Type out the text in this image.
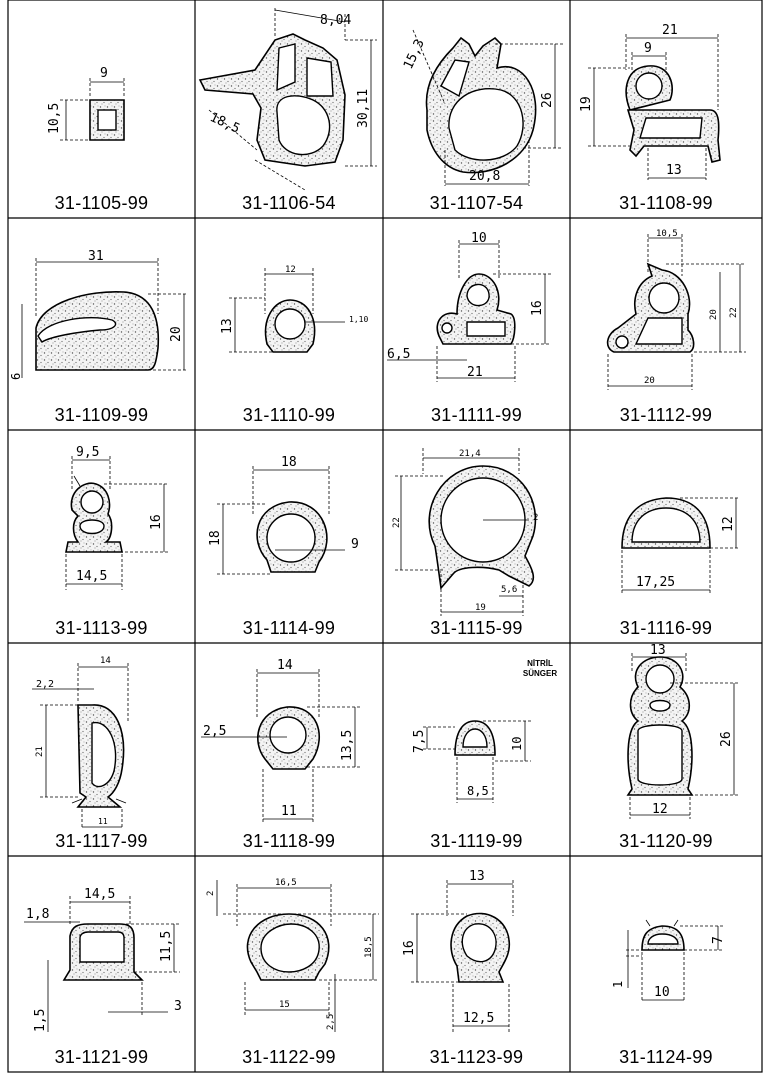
9
10,5
31-1105-99
8,04
30,11
18,5
31-1106-54
15,3
26
20,8
31-1107-54
21
9
19
13
31-1108-99
31
20
6
31-1109-99
12
13	1,10
31-1110-99
10
16
6,5
21
31-1111-99
10,5
20 22
20
31-1112-99
9,5
16
14,5
31-1113-99
18
18	9
31-1114-99
21,4
22	2
5,6
19
31-1115-99
12
17,25
31-1116-99
14
2,2
21
11
31-1117-99
14
2,5	13,5
11
31-1118-99
7,5	10
8,5
NİTRİL
SÜNGER
31-1119-99
13
26
12
31-1120-99
14,5
1,8
11,5
1,5
3
31-1121-99
2
16,5
18,5
15
2,5
31-1122-99
13
16
12,5
31-1123-99
7
1
10
31-1124-99
